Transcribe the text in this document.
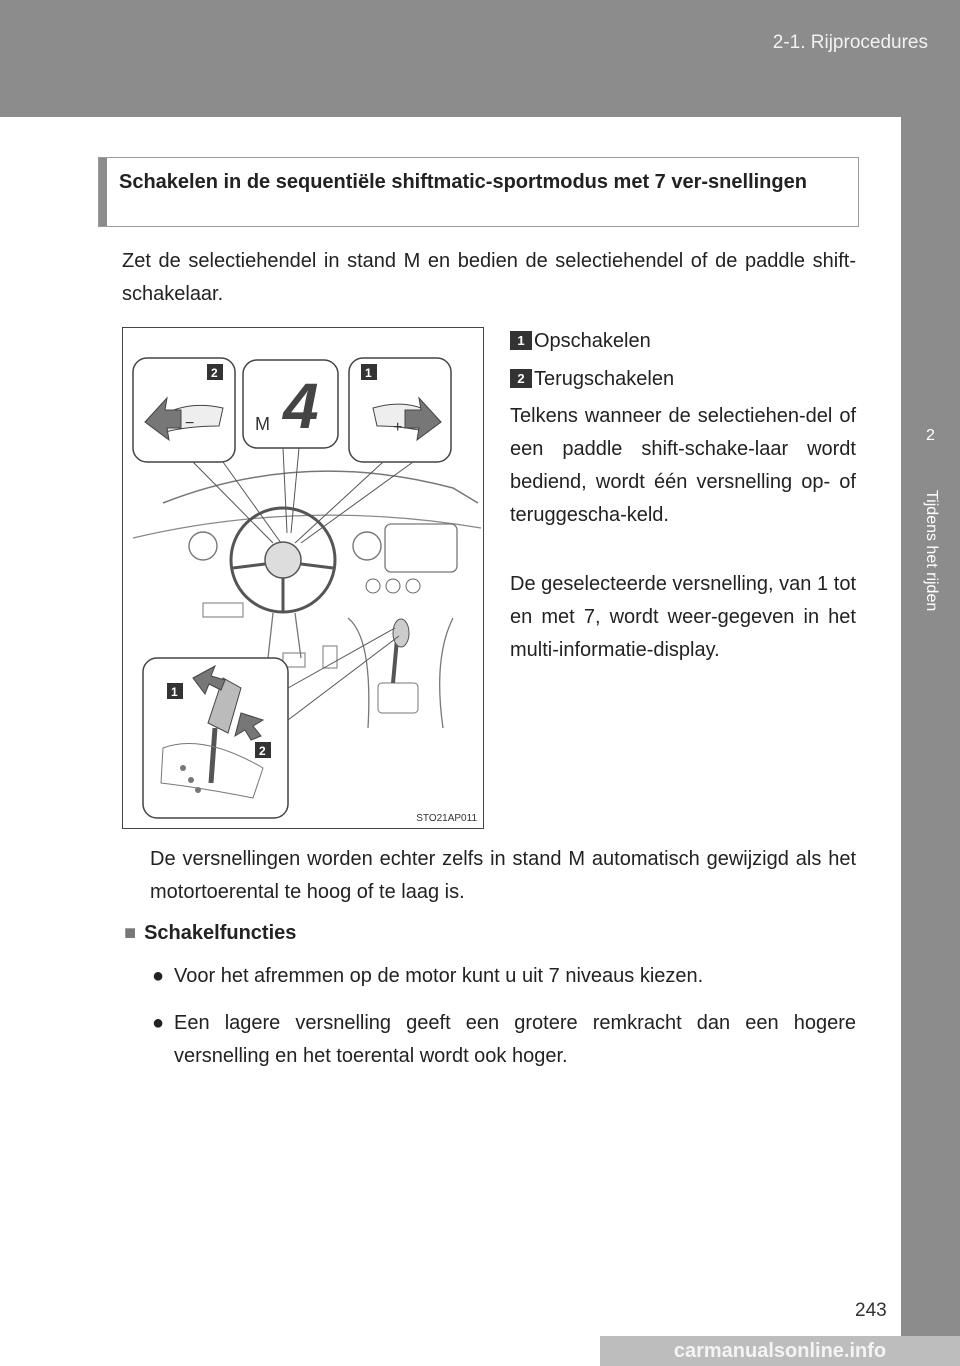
2-1. Rijprocedures
2
Tijdens het rijden
Schakelen in de sequentiële shiftmatic-sportmodus met 7 ver-snellingen
Zet de selectiehendel in stand M en bedien de selectiehendel of de paddle shift-schakelaar.
−
2
M 4	+
1
1
2
STO21AP011
1 Opschakelen
2 Terugschakelen

Telkens wanneer de selectiehen-del of een paddle shift-schake-laar wordt bediend, wordt één versnelling op- of teruggescha-keld.

De geselecteerde versnelling, van 1 tot en met 7, wordt weer-gegeven in het multi-informatie-display.

De versnellingen worden echter zelfs in stand M automatisch gewijzigd als het motortoerental te hoog of te laag is.
■ Schakelfuncties
● Voor het afremmen op de motor kunt u uit 7 niveaus kiezen.
● Een lagere versnelling geeft een grotere remkracht dan een hogere versnelling en het toerental wordt ook hoger.
243
carmanualsonline.info
